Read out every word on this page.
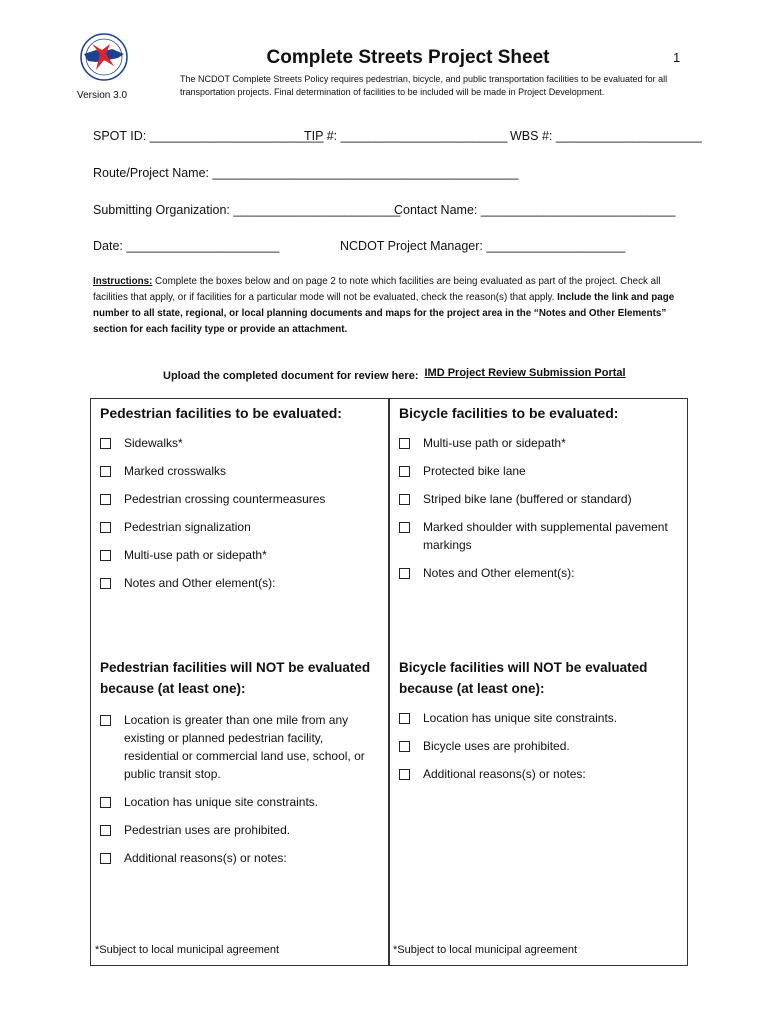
Version 3.0
Complete Streets Project Sheet	1
The NCDOT Complete Streets Policy requires pedestrian, bicycle, and public transportation facilities to be evaluated for all transportation projects. Final determination of facilities to be included will be made in Project Development.
SPOT ID: _________________________
TIP #: ________________________ WBS #: _____________________
Route/Project Name: ____________________________________________
Submitting Organization: ________________________
Contact Name: ____________________________
Date: ______________________	NCDOT Project Manager: ____________________
Instructions: Complete the boxes below and on page 2 to note which facilities are being evaluated as part of the project. Check all facilities that apply, or if facilities for a particular mode will not be evaluated, check the reason(s) that apply. Include the link and page number to all state, regional, or local planning documents and maps for the project area in the “Notes and Other Elements” section for each facility type or provide an attachment.
Upload the completed document for review here: IMD Project Review Submission Portal
Pedestrian facilities to be evaluated:
Sidewalks*
Marked crosswalks
Pedestrian crossing countermeasures
Pedestrian signalization
Multi-use path or sidepath*
Notes and Other element(s):
Pedestrian facilities will NOT be evaluated because (at least one):
Location is greater than one mile from any existing or planned pedestrian facility, residential or commercial land use, school, or public transit stop.
Location has unique site constraints.
Pedestrian uses are prohibited.
Additional reasons(s) or notes:
*Subject to local municipal agreement
Bicycle facilities to be evaluated:
Multi-use path or sidepath*
Protected bike lane
Striped bike lane (buffered or standard)
Marked shoulder with supplemental pavement markings
Notes and Other element(s):
Bicycle facilities will NOT be evaluated because (at least one):
Location has unique site constraints.
Bicycle uses are prohibited.
Additional reasons(s) or notes:
*Subject to local municipal agreement
